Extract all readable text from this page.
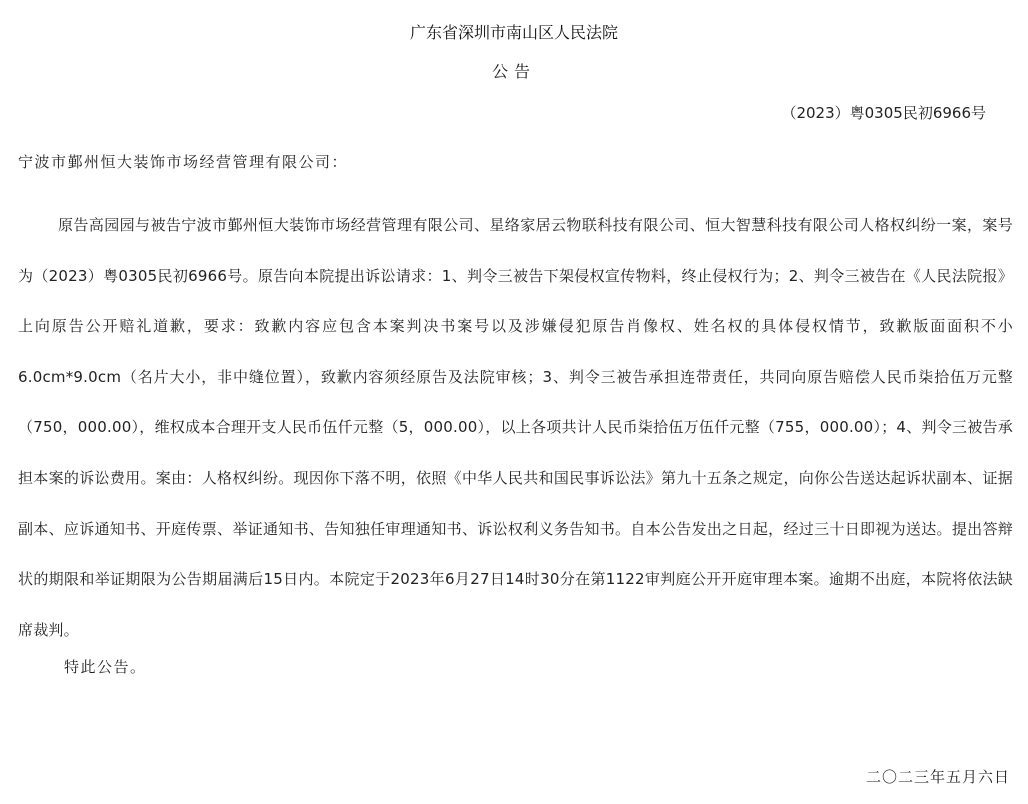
广东省深圳市南山区人民法院
公告
（2023）粤0305民初6966号
宁波市鄞州恒大装饰市场经营管理有限公司：

原告高园园与被告宁波市鄞州恒大装饰市场经营管理有限公司、星络家居云物联科技有限公司、恒大智慧科技有限公司人格权纠纷一案，案号为（2023）粤0305民初6966号。原告向本院提出诉讼请求：1、判令三被告下架侵权宣传物料，终止侵权行为；2、判令三被告在《人民法院报》上向原告公开赔礼道歉，要求：致歉内容应包含本案判决书案号以及涉嫌侵犯原告肖像权、姓名权的具体侵权情节，致歉版面面积不小6.0cm*9.0cm（名片大小，非中缝位置），致歉内容须经原告及法院审核；3、判令三被告承担连带责任，共同向原告赔偿人民币柒拾伍万元整（750，000.00），维权成本合理开支人民币伍仟元整（5，000.00），以上各项共计人民币柒拾伍万伍仟元整（755，000.00）；4、判令三被告承担本案的诉讼费用。案由：人格权纠纷。现因你下落不明，依照《中华人民共和国民事诉讼法》第九十五条之规定，向你公告送达起诉状副本、证据副本、应诉通知书、开庭传票、举证通知书、告知独任审理通知书、诉讼权利义务告知书。自本公告发出之日起，经过三十日即视为送达。提出答辩状的期限和举证期限为公告期届满后15日内。本院定于2023年6月27日14时30分在第1122审判庭公开开庭审理本案。逾期不出庭，本院将依法缺席裁判。

特此公告。
二〇二三年五月六日
